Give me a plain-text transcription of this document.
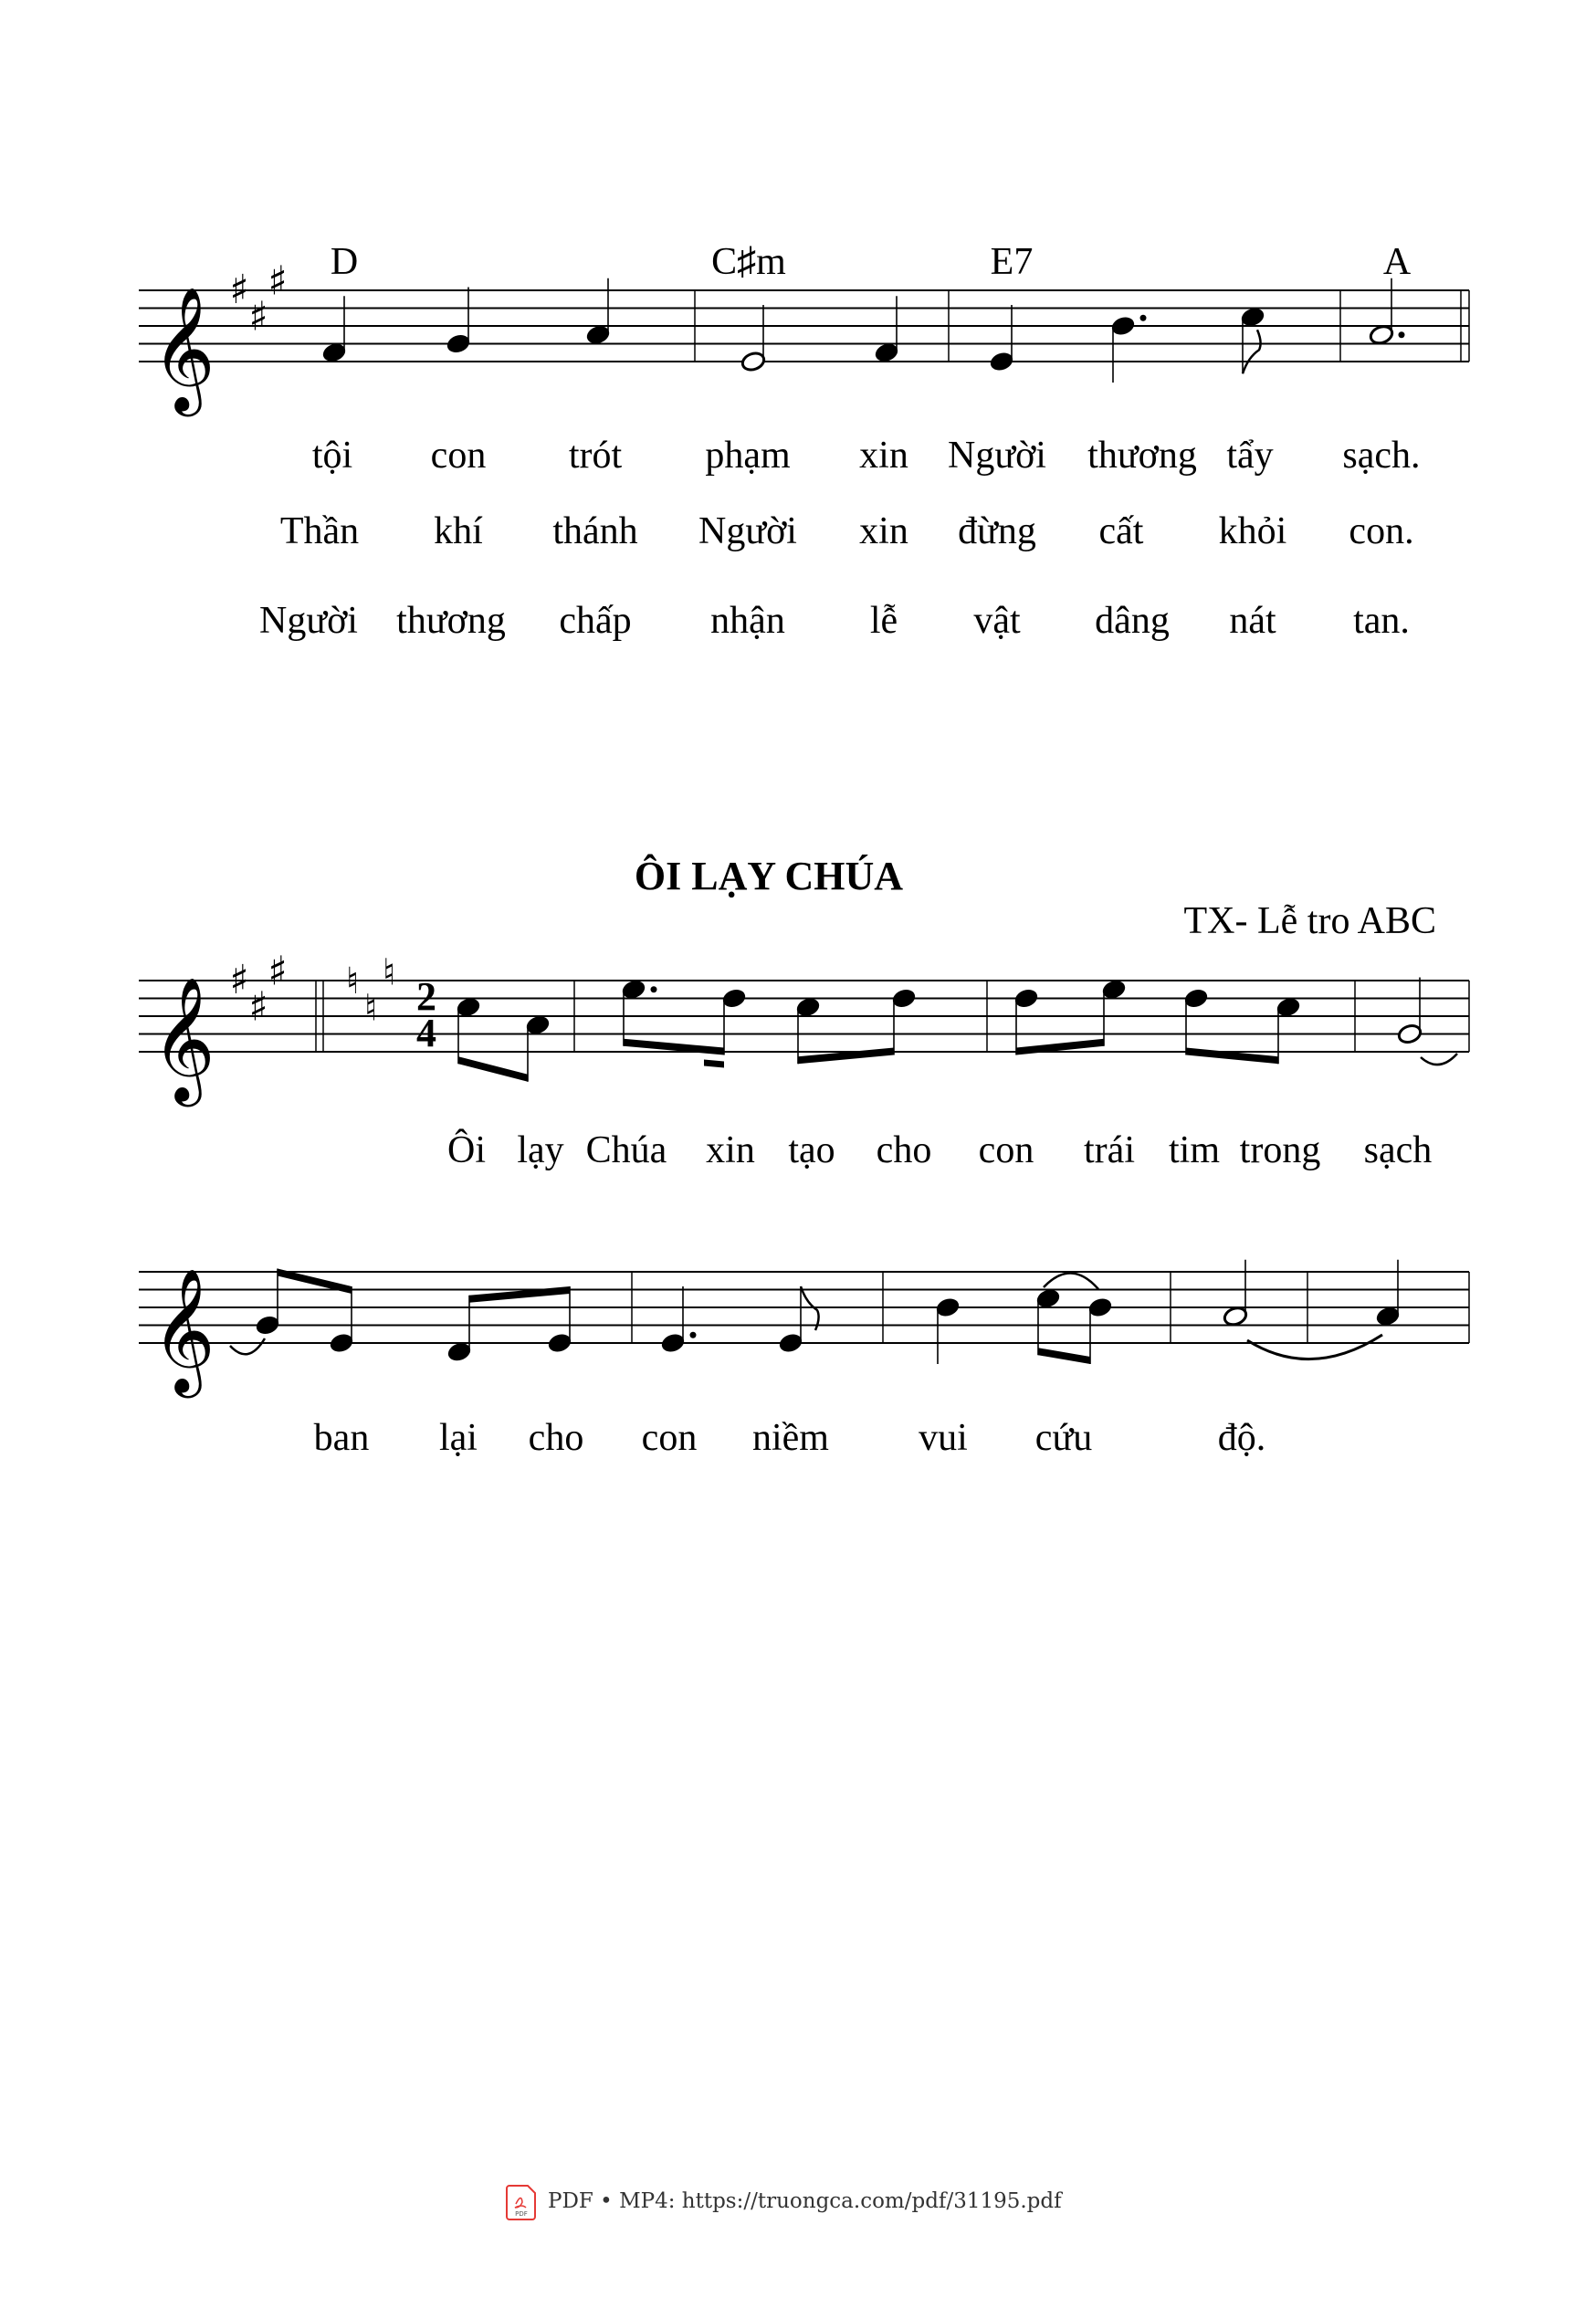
𝄞 ♯
♯
♯
𝄞 ♯
♯
♯ ♮
♮
♮
𝄞
D	C♯m	E7	A
tội con trót phạm xin Người thương tẩy sạch.
Thần khí thánh Người xin đừng cất khỏi con.
Người thương chấp nhận lễ vật dâng nát tan.
Ôi lạy Chúa xin tạo cho con trái tim trong sạch
ban lại cho con niềm vui cứu	độ.
ÔI LẠY CHÚA
TX- Lễ tro ABC
2
4
PDF
PDF • MP4: https://truongca.com/pdf/31195.pdf
